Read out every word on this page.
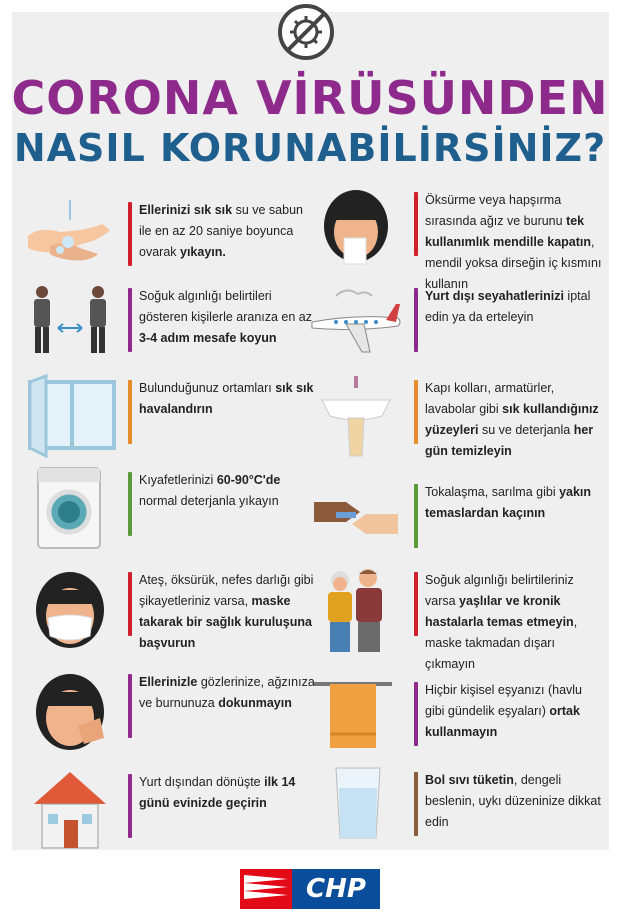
CORONA VİRÜSÜNDEN
NASIL KORUNABİLİRSİNİZ?
Ellerinizi sık sık su ve sabun ile en az 20 saniye boyunca ovarak yıkayın.
Soğuk algınlığı belirtileri gösteren kişilerle aranıza en az 3-4 adım mesafe koyun
Bulunduğunuz ortamları sık sık havalandırın
Kıyafetlerinizi 60-90°C'de normal deterjanla yıkayın
Ateş, öksürük, nefes darlığı gibi şikayetleriniz varsa, maske takarak bir sağlık kuruluşuna başvurun
Ellerinizle gözlerinize, ağzınıza ve burnunuza dokunmayın
Yurt dışından dönüşte ilk 14 günü evinizde geçirin
Öksürme veya hapşırma sırasında ağız ve burunu tek kullanımlık mendille kapatın, mendil yoksa dirseğin iç kısmını kullanın
Yurt dışı seyahatlerinizi iptal edin ya da erteleyin
Kapı kolları, armatürler, lavabolar gibi sık kullandığınız yüzeyleri su ve deterjanla her gün temizleyin
Tokalaşma, sarılma gibi yakın temaslardan kaçının
Soğuk algınlığı belirtileriniz varsa yaşlılar ve kronik hastalarla temas etmeyin, maske takmadan dışarı çıkmayın
Hiçbir kişisel eşyanızı (havlu gibi gündelik eşyaları) ortak kullanmayın
Bol sıvı tüketin, dengeli beslenin, uykı düzeninize dikkat edin
CHP
